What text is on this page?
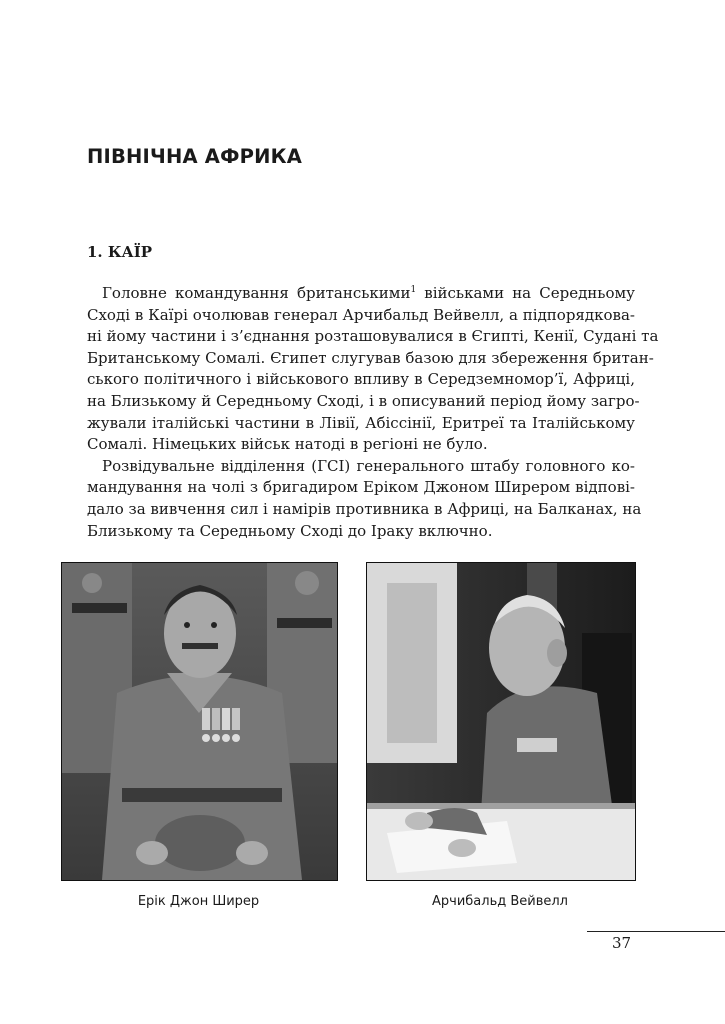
ПІВНІЧНА АФРИКА
1. КАЇР

 Головне командування британськими$^1$ військами на Середньому
Сході в Каїрі очолював генерал Арчибальд Вейвелл, а підпорядкова-
ні йому частини і з’єднання розташовувалися в Єгипті, Кенії, Судані та
Британському Сомалі. Єгипет слугував базою для збереження британ-
ського політичного і військового впливу в Середземномор’ї, Африці,
на Близькому й Середньому Сході, і в описуваний період йому загро-
жували італійські частини в Лівії, Абіссінії, Еритреї та Італійському
Сомалі. Німецьких військ натоді в регіоні не було.

 Розвідувальне відділення (ГСІ) генерального штабу головного ко-
мандування на чолі з бригадиром Еріком Джоном Ширером відпові-
дало за вивчення сил і намірів противника в Африці, на Балканах, на
Близькому та Середньому Сході до Іраку включно.

Ерік Джон Ширер	Арчибальд Вейвелл

37
